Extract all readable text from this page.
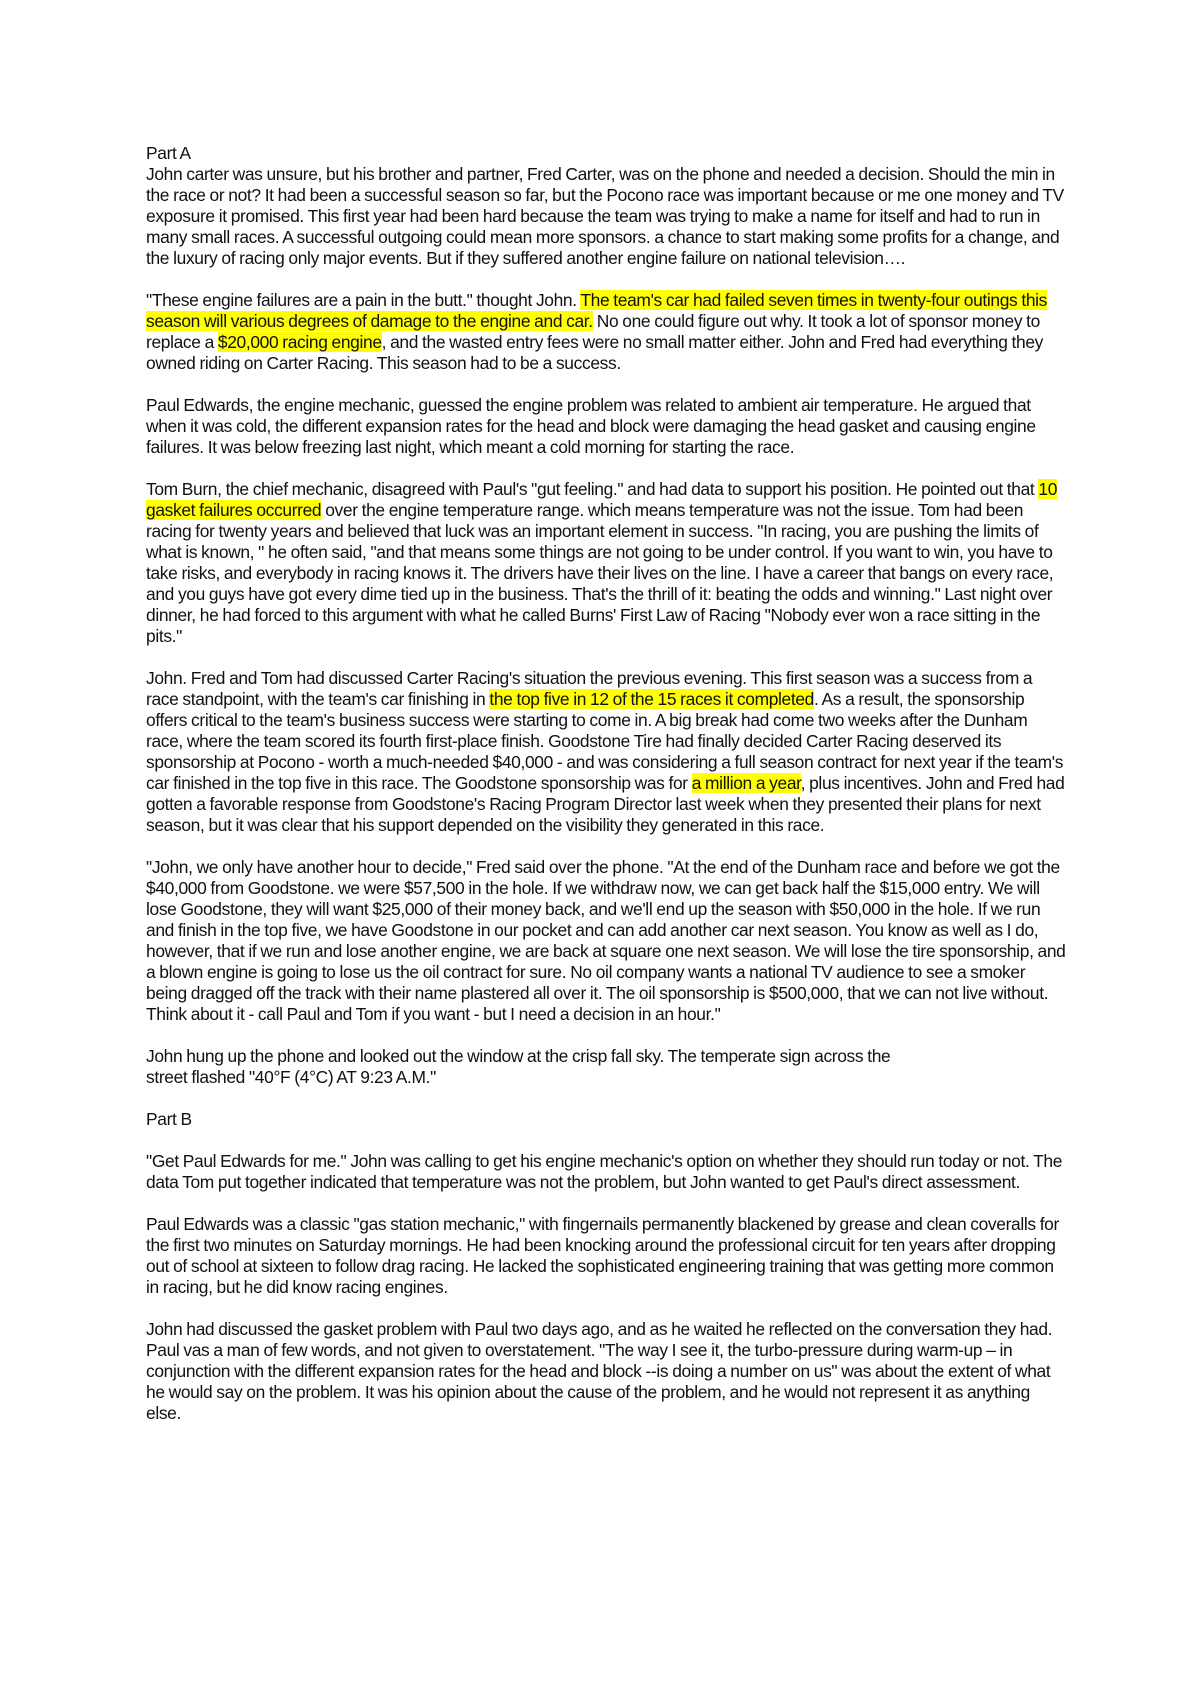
Part A

John carter was unsure, but his brother and partner, Fred Carter, was on the phone and needed a decision. Should the min in the race or not? It had been a successful season so far, but the Pocono race was important because or me one money and TV exposure it promised. This first year had been hard because the team was trying to make a name for itself and had to run in many small races. A successful outgoing could mean more sponsors. a chance to start making some profits for a change, and the luxury of racing only major events. But if they suffered another engine failure on national television….

"These engine failures are a pain in the butt." thought John. The team's car had failed seven times in twenty-four outings this season will various degrees of damage to the engine and car. No one could figure out why. It took a lot of sponsor money to replace a $20,000 racing engine, and the wasted entry fees were no small matter either. John and Fred had everything they owned riding on Carter Racing. This season had to be a success.

Paul Edwards, the engine mechanic, guessed the engine problem was related to ambient air temperature. He argued that when it was cold, the different expansion rates for the head and block were damaging the head gasket and causing engine failures. It was below freezing last night, which meant a cold morning for starting the race.

Tom Burn, the chief mechanic, disagreed with Paul's "gut feeling." and had data to support his position. He pointed out that 10 gasket failures occurred over the engine temperature range. which means temperature was not the issue. Tom had been racing for twenty years and believed that luck was an important element in success. "In racing, you are pushing the limits of what is known, " he often said, "and that means some things are not going to be under control. If you want to win, you have to take risks, and everybody in racing knows it. The drivers have their lives on the line. I have a career that bangs on every race, and you guys have got every dime tied up in the business. That's the thrill of it: beating the odds and winning." Last night over dinner, he had forced to this argument with what he called Burns' First Law of Racing "Nobody ever won a race sitting in the pits."

John. Fred and Tom had discussed Carter Racing's situation the previous evening. This first season was a success from a race standpoint, with the team's car finishing in the top five in 12 of the 15 races it completed. As a result, the sponsorship offers critical to the team's business success were starting to come in. A big break had come two weeks after the Dunham race, where the team scored its fourth first-place finish. Goodstone Tire had finally decided Carter Racing deserved its sponsorship at Pocono - worth a much-needed $40,000 - and was considering a full season contract for next year if the team's car finished in the top five in this race. The Goodstone sponsorship was for a million a year, plus incentives. John and Fred had gotten a favorable response from Goodstone's Racing Program Director last week when they presented their plans for next season, but it was clear that his support depended on the visibility they generated in this race.

"John, we only have another hour to decide," Fred said over the phone. "At the end of the Dunham race and before we got the $40,000 from Goodstone. we were $57,500 in the hole. If we withdraw now, we can get back half the $15,000 entry. We will lose Goodstone, they will want $25,000 of their money back, and we'll end up the season with $50,000 in the hole. If we run and finish in the top five, we have Goodstone in our pocket and can add another car next season. You know as well as I do, however, that if we run and lose another engine, we are back at square one next season. We will lose the tire sponsorship, and a blown engine is going to lose us the oil contract for sure. No oil company wants a national TV audience to see a smoker being dragged off the track with their name plastered all over it. The oil sponsorship is $500,000, that we can not live without. Think about it - call Paul and Tom if you want - but I need a decision in an hour."

John hung up the phone and looked out the window at the crisp fall sky. The temperate sign across the
street flashed "40°F (4°C) AT 9:23 A.M."

Part B

"Get Paul Edwards for me." John was calling to get his engine mechanic's option on whether they should run today or not. The data Tom put together indicated that temperature was not the problem, but John wanted to get Paul's direct assessment.

Paul Edwards was a classic "gas station mechanic," with fingernails permanently blackened by grease and clean coveralls for the first two minutes on Saturday mornings. He had been knocking around the professional circuit for ten years after dropping out of school at sixteen to follow drag racing. He lacked the sophisticated engineering training that was getting more common in racing, but he did know racing engines.

John had discussed the gasket problem with Paul two days ago, and as he waited he reflected on the conversation they had. Paul vas a man of few words, and not given to overstatement. "The way I see it, the turbo-pressure during warm-up – in conjunction with the different expansion rates for the head and block --is doing a number on us" was about the extent of what he would say on the problem. It was his opinion about the cause of the problem, and he would not represent it as anything else.
